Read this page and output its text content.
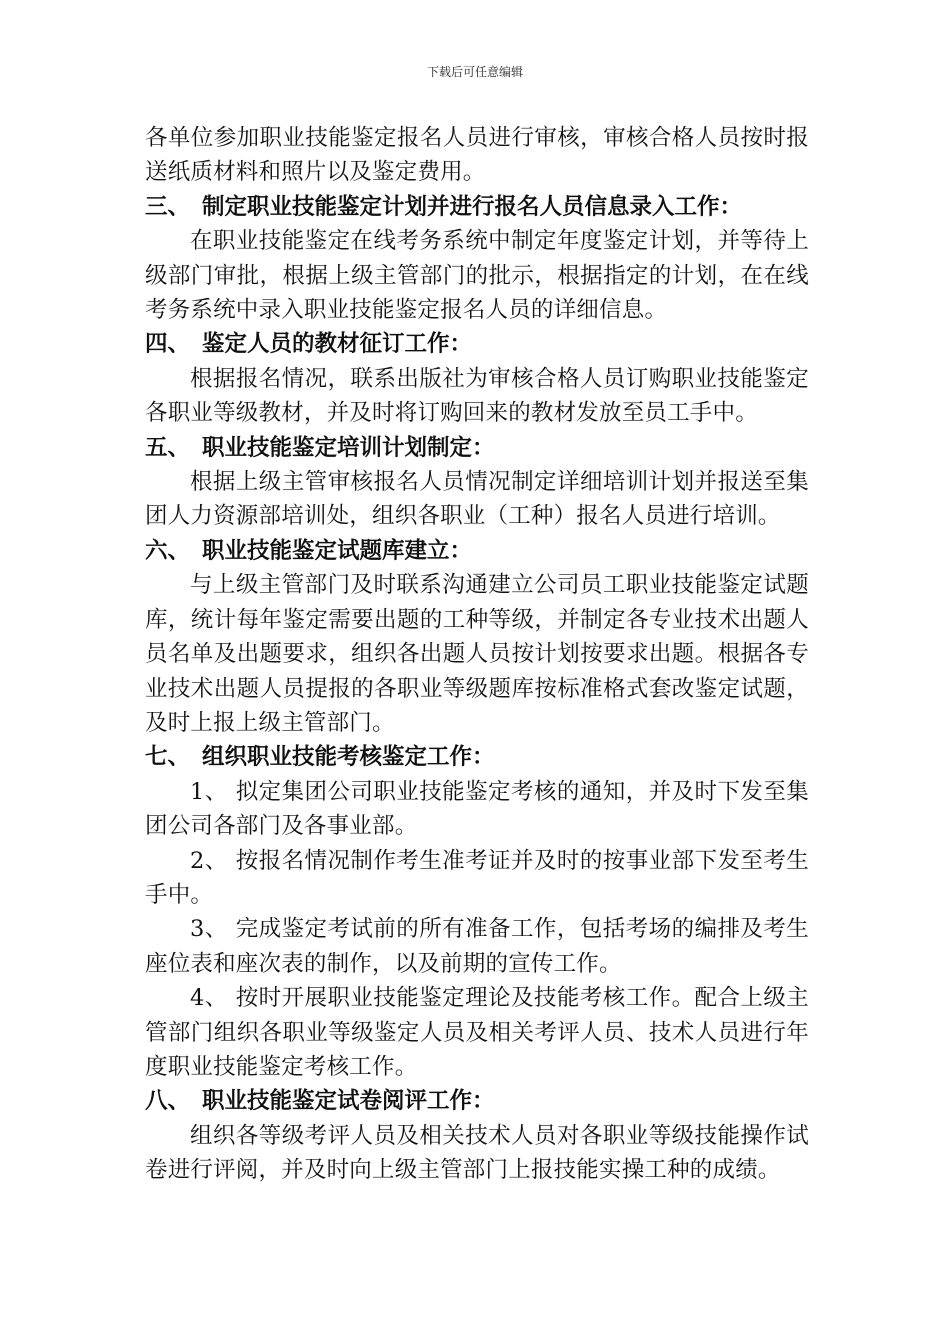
下载后可任意编辑

各单位参加职业技能鉴定报名人员进行审核，审核合格人员按时报送纸质材料和照片以及鉴定费用。

三、 制定职业技能鉴定计划并进行报名人员信息录入工作：

在职业技能鉴定在线考务系统中制定年度鉴定计划，并等待上级部门审批，根据上级主管部门的批示，根据指定的计划，在在线考务系统中录入职业技能鉴定报名人员的详细信息。

四、 鉴定人员的教材征订工作：

根据报名情况，联系出版社为审核合格人员订购职业技能鉴定各职业等级教材，并及时将订购回来的教材发放至员工手中。

五、 职业技能鉴定培训计划制定：

根据上级主管审核报名人员情况制定详细培训计划并报送至集团人力资源部培训处，组织各职业（工种）报名人员进行培训。

六、 职业技能鉴定试题库建立：

与上级主管部门及时联系沟通建立公司员工职业技能鉴定试题库，统计每年鉴定需要出题的工种等级，并制定各专业技术出题人员名单及出题要求，组织各出题人员按计划按要求出题。根据各专业技术出题人员提报的各职业等级题库按标准格式套改鉴定试题，及时上报上级主管部门。

七、 组织职业技能考核鉴定工作：

1、 拟定集团公司职业技能鉴定考核的通知，并及时下发至集团公司各部门及各事业部。

2、 按报名情况制作考生准考证并及时的按事业部下发至考生手中。

3、 完成鉴定考试前的所有准备工作，包括考场的编排及考生座位表和座次表的制作，以及前期的宣传工作。

4、 按时开展职业技能鉴定理论及技能考核工作。配合上级主管部门组织各职业等级鉴定人员及相关考评人员、技术人员进行年度职业技能鉴定考核工作。

八、 职业技能鉴定试卷阅评工作：

组织各等级考评人员及相关技术人员对各职业等级技能操作试卷进行评阅，并及时向上级主管部门上报技能实操工种的成绩。
